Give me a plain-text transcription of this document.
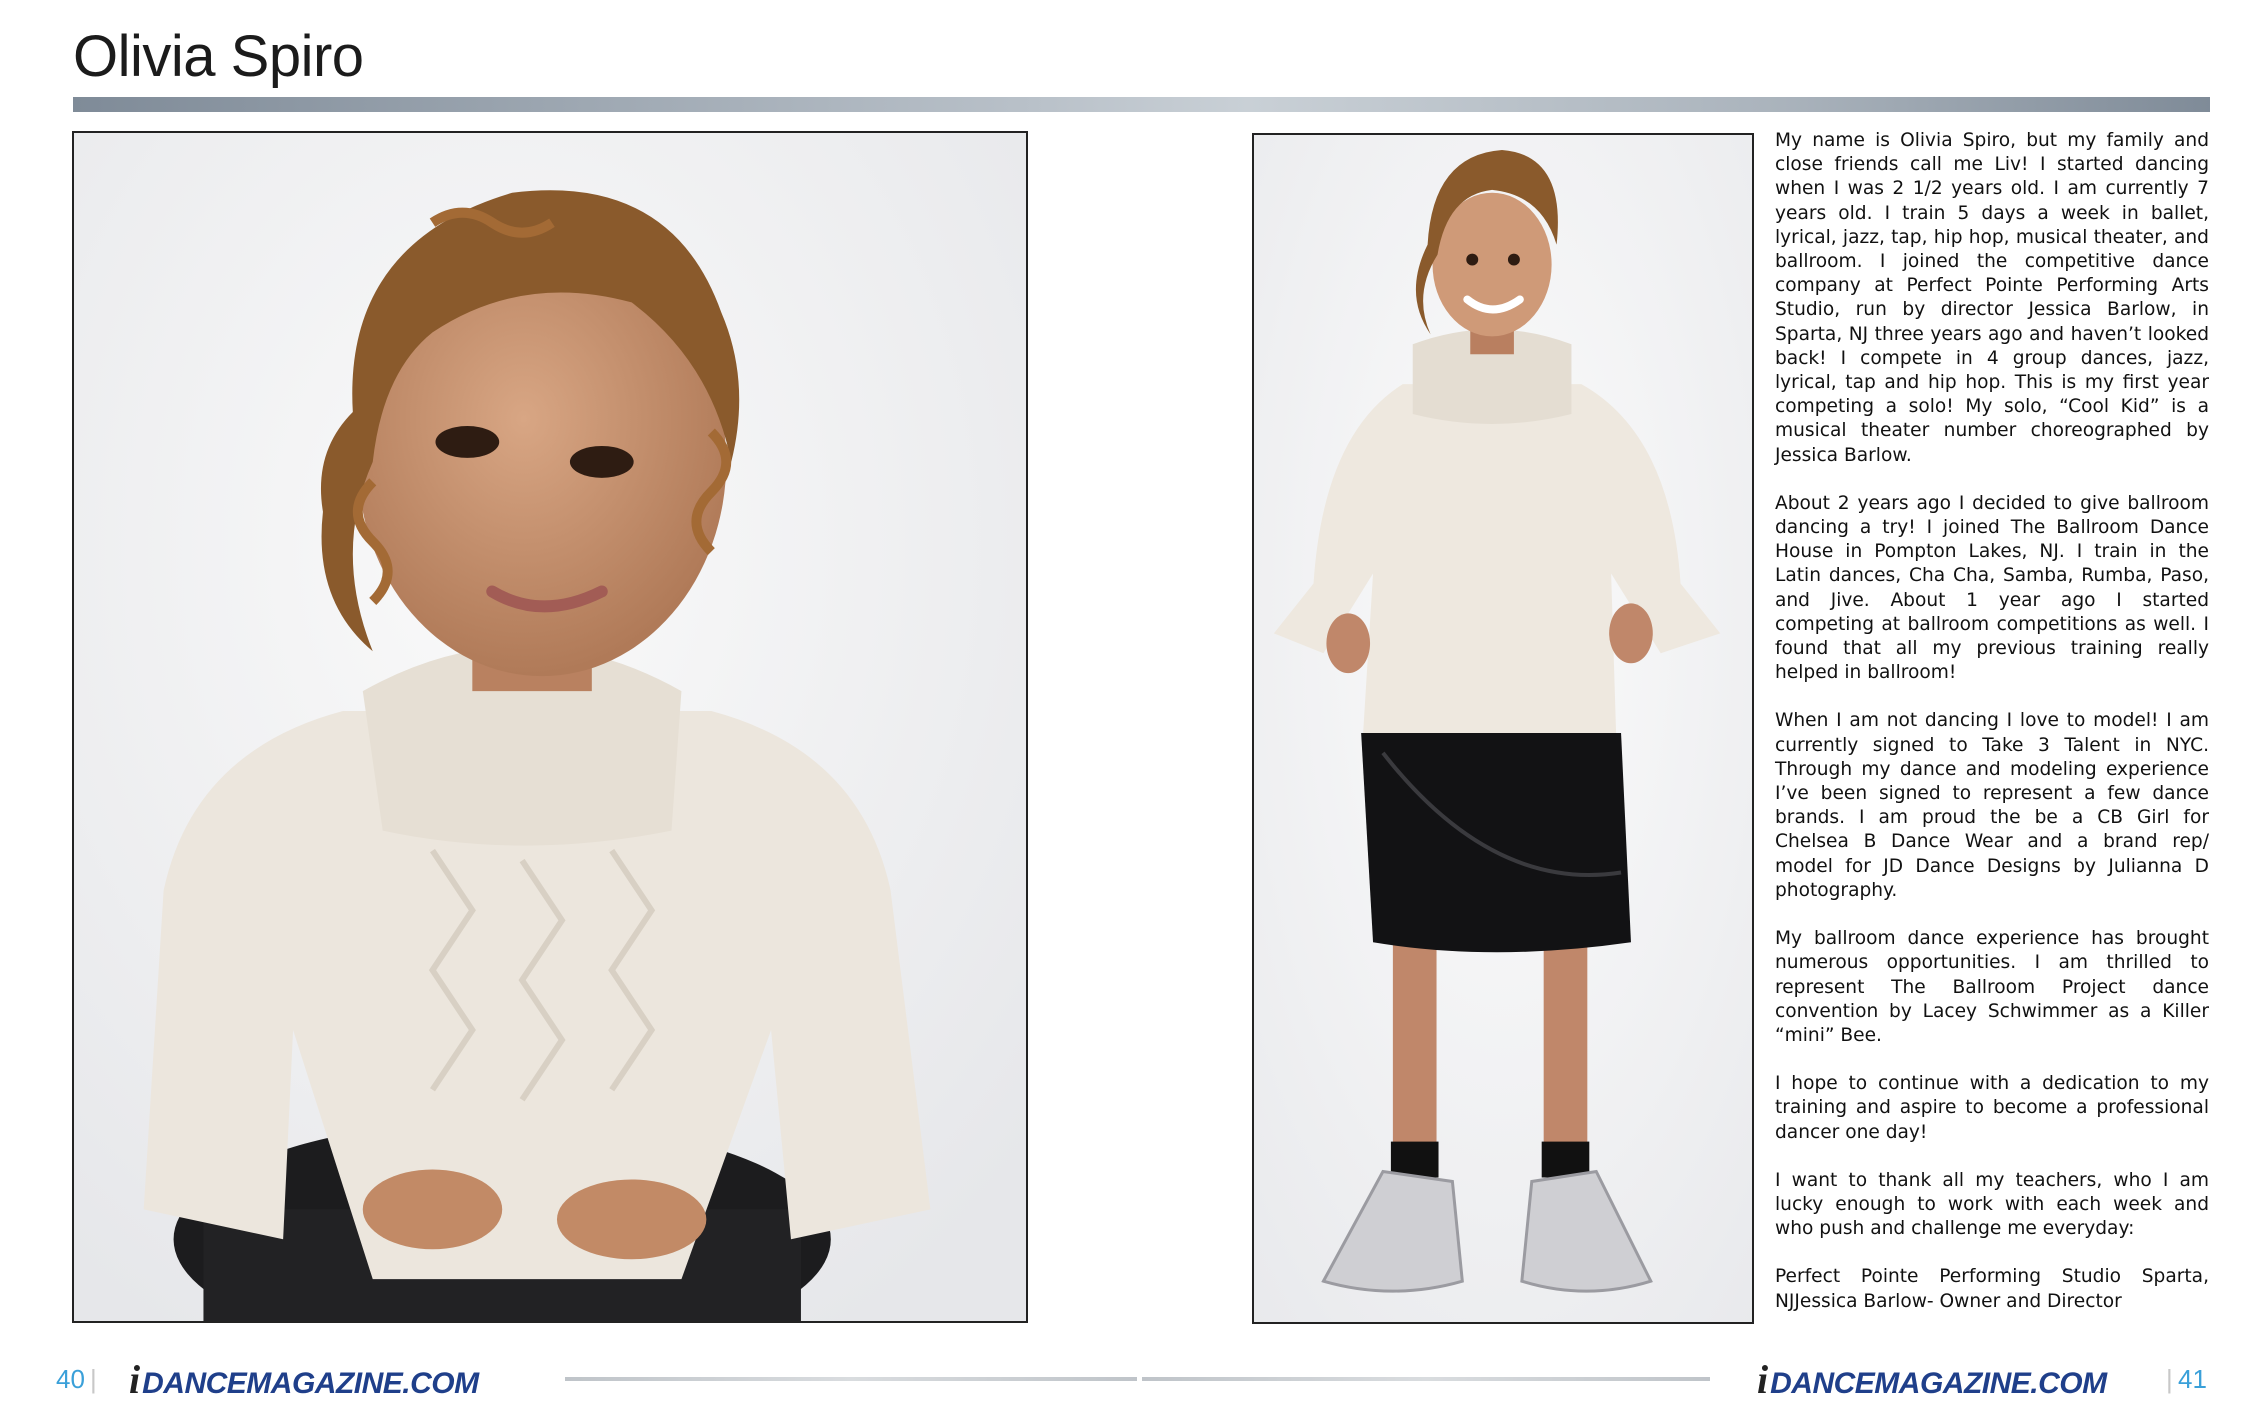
Olivia Spiro

My name is Olivia Spiro, but my family and close friends call me Liv! I started dancing when I was 2 1/2 years old. I am currently 7 years old. I train 5 days a week in ballet, lyrical, jazz, tap, hip hop, musical theater, and ballroom. I joined the competitive dance company at Perfect Pointe Performing Arts Studio, run by director Jessica Barlow, in Sparta, NJ three years ago and haven’t looked back! I compete in 4 group dances, jazz, lyrical, tap and hip hop. This is my first year competing a solo! My solo, “Cool Kid” is a musical theater number choreographed by Jessica Barlow.

About 2 years ago I decided to give ballroom dancing a try! I joined The Ballroom Dance House in Pompton Lakes, NJ. I train in the Latin dances, Cha Cha, Samba, Rumba, Paso, and Jive. About 1 year ago I started competing at ballroom competitions as well. I found that all my previous training really helped in ballroom!

When I am not dancing I love to model! I am currently signed to Take 3 Talent in NYC. Through my dance and modeling experience I’ve been signed to represent a few dance brands. I am proud the be a CB Girl for Chelsea B Dance Wear and a brand rep/ model for JD Dance Designs by Julianna D photography.

My ballroom dance experience has brought numerous opportunities. I am thrilled to represent The Ballroom Project dance convention by Lacey Schwimmer as a Killer “mini” Bee.

I hope to continue with a dedication to my training and aspire to become a professional dancer one day!

I want to thank all my teachers, who I am lucky enough to work with each week and who push and challenge me everyday:

Perfect Pointe Performing Studio Sparta, NJJessica Barlow- Owner and Director

40 | iDANCEMAGAZINE.COM	iDANCEMAGAZINE.COM | 41
